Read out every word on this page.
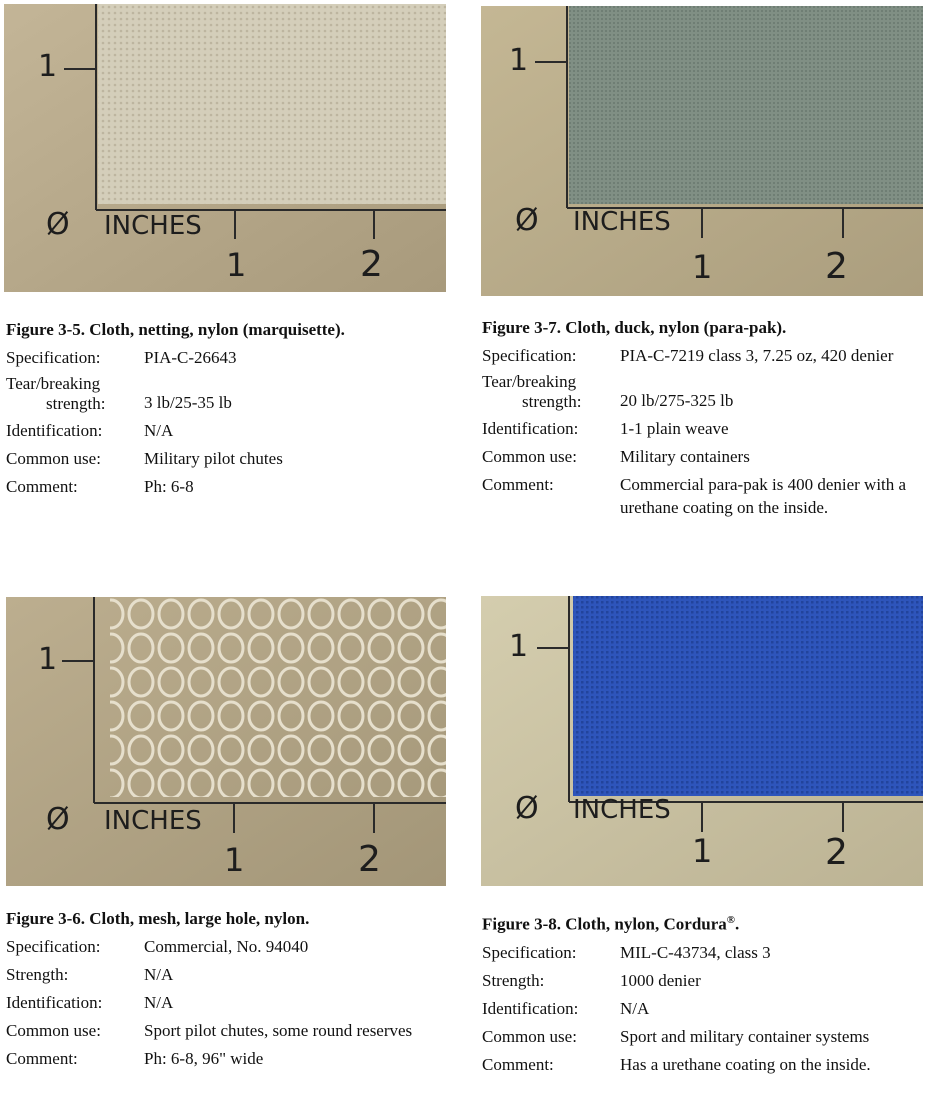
1
Ø INCHES
1	2
1
Ø INCHES
1	2
1
Ø INCHES
1	2
1
Ø INCHES
1	2
Figure 3-5. Cloth, netting, nylon (marquisette).
Specification:	PIA-C-26643
Tear/breaking
strength:	3 lb/25-35 lb
Identification:	N/A
Common use:	Military pilot chutes
Comment:	Ph: 6-8
Figure 3-7. Cloth, duck, nylon (para-pak).
Specification:	PIA-C-7219 class 3, 7.25 oz, 420 denier
Tear/breaking
strength:	20 lb/275-325 lb
Identification:	1-1 plain weave
Common use:	Military containers
Comment:	Commercial para-pak is 400 denier with a urethane coating on the inside.
Figure 3-6. Cloth, mesh, large hole, nylon.
Specification:	Commercial, No. 94040
Strength:	N/A
Identification:	N/A
Common use:	Sport pilot chutes, some round reserves
Comment:	Ph: 6-8, 96" wide
Figure 3-8. Cloth, nylon, Cordura®.
Specification:	MIL-C-43734, class 3
Strength:	1000 denier
Identification:	N/A
Common use:	Sport and military container systems
Comment:	Has a urethane coating on the inside.
